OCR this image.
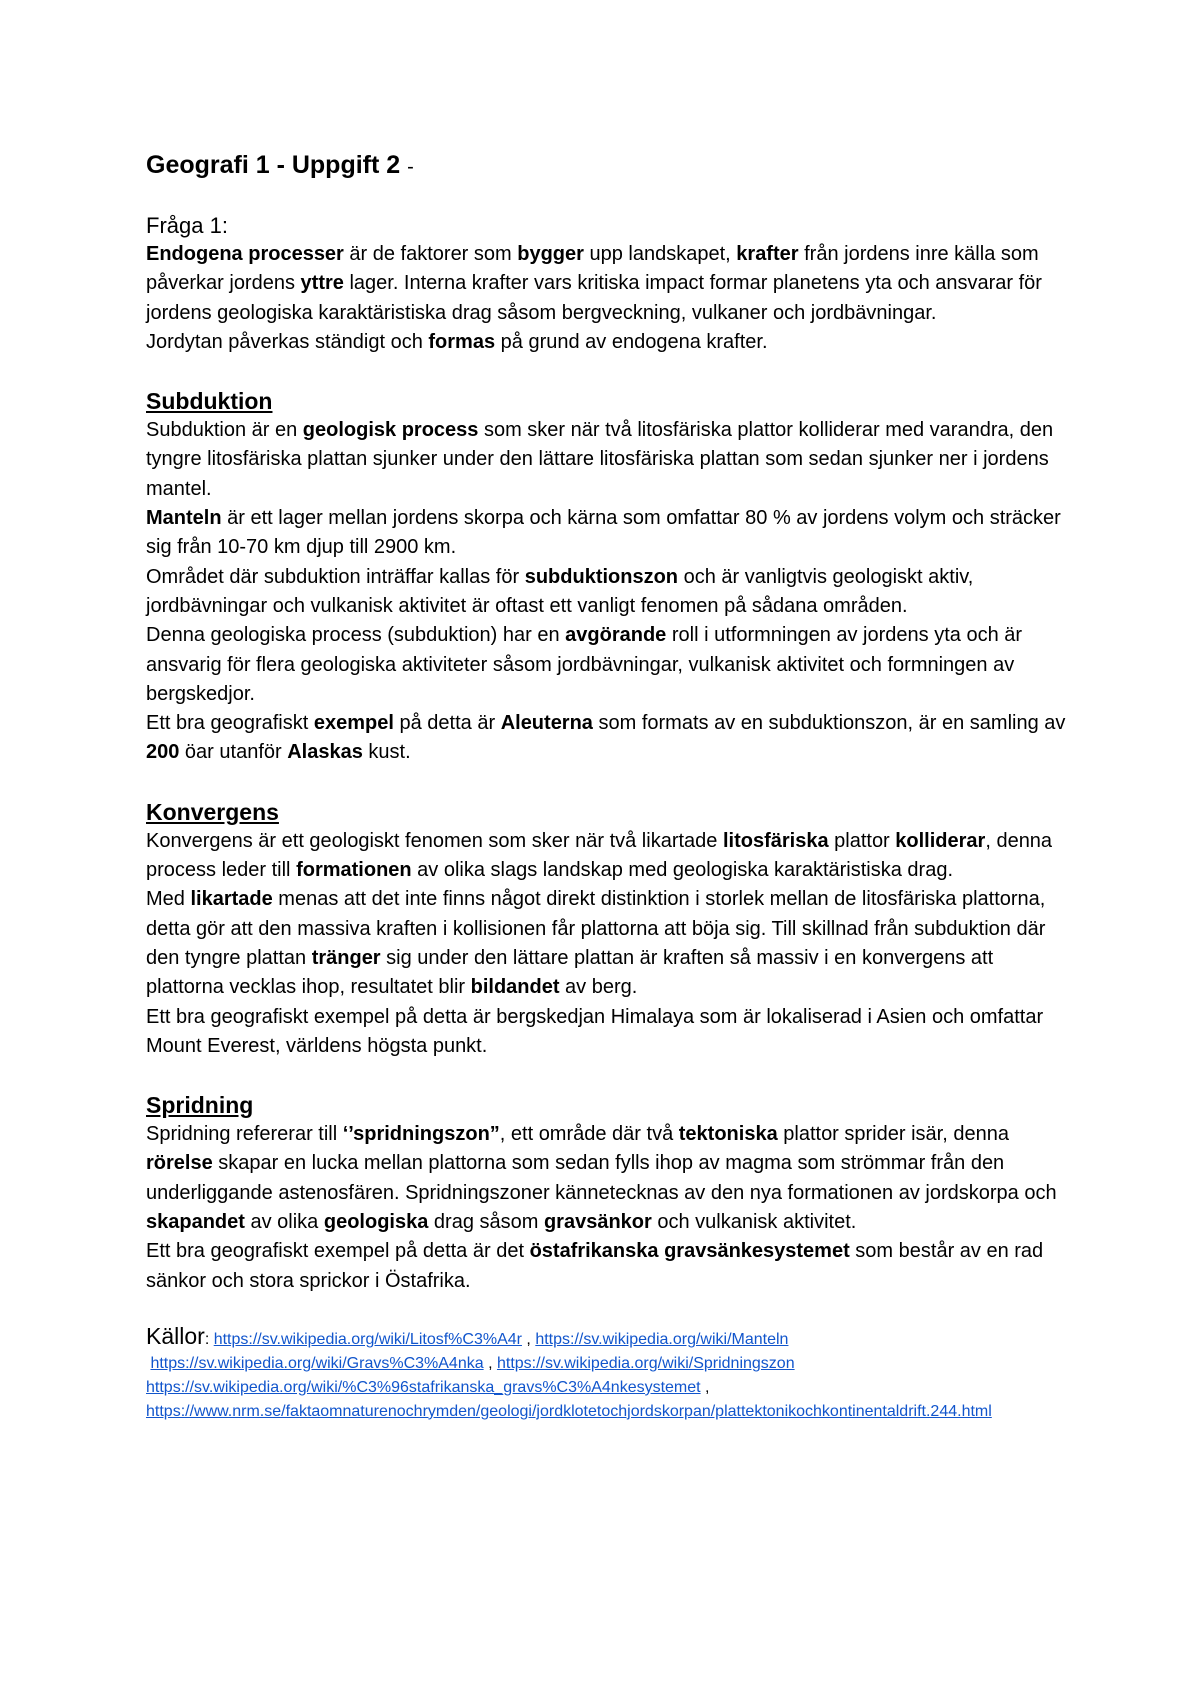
Geografi 1 - Uppgift 2 -
Fråga 1:

Endogena processer är de faktorer som bygger upp landskapet, krafter från jordens inre källa som påverkar jordens yttre lager. Interna krafter vars kritiska impact formar planetens yta och ansvarar för jordens geologiska karaktäristiska drag såsom bergveckning, vulkaner och jordbävningar.

Jordytan påverkas ständigt och formas på grund av endogena krafter.

Subduktion

Subduktion är en geologisk process som sker när två litosfäriska plattor kolliderar med varandra, den tyngre litosfäriska plattan sjunker under den lättare litosfäriska plattan som sedan sjunker ner i jordens mantel.

Manteln är ett lager mellan jordens skorpa och kärna som omfattar 80 % av jordens volym och sträcker sig från 10-70 km djup till 2900 km.

Området där subduktion inträffar kallas för subduktionszon och är vanligtvis geologiskt aktiv, jordbävningar och vulkanisk aktivitet är oftast ett vanligt fenomen på sådana områden.

Denna geologiska process (subduktion) har en avgörande roll i utformningen av jordens yta och är ansvarig för flera geologiska aktiviteter såsom jordbävningar, vulkanisk aktivitet och formningen av bergskedjor.

Ett bra geografiskt exempel på detta är Aleuterna som formats av en subduktionszon, är en samling av 200 öar utanför Alaskas kust.

Konvergens

Konvergens är ett geologiskt fenomen som sker när två likartade litosfäriska plattor kolliderar, denna process leder till formationen av olika slags landskap med geologiska karaktäristiska drag.

Med likartade menas att det inte finns något direkt distinktion i storlek mellan de litosfäriska plattorna, detta gör att den massiva kraften i kollisionen får plattorna att böja sig. Till skillnad från subduktion där den tyngre plattan tränger sig under den lättare plattan är kraften så massiv i en konvergens att plattorna vecklas ihop, resultatet blir bildandet av berg.

Ett bra geografiskt exempel på detta är bergskedjan Himalaya som är lokaliserad i Asien och omfattar Mount Everest, världens högsta punkt.

Spridning

Spridning refererar till ‘’spridningszon”, ett område där två tektoniska plattor sprider isär, denna rörelse skapar en lucka mellan plattorna som sedan fylls ihop av magma som strömmar från den underliggande astenosfären. Spridningszoner kännetecknas av den nya formationen av jordskorpa och skapandet av olika geologiska drag såsom gravsänkor och vulkanisk aktivitet.

Ett bra geografiskt exempel på detta är det östafrikanska gravsänkesystemet som består av en rad sänkor och stora sprickor i Östafrika.

Källor: https://sv.wikipedia.org/wiki/Litosf%C3%A4r , https://sv.wikipedia.org/wiki/Manteln
https://sv.wikipedia.org/wiki/Gravs%C3%A4nka , https://sv.wikipedia.org/wiki/Spridningszon
https://sv.wikipedia.org/wiki/%C3%96stafrikanska_gravs%C3%A4nkesystemet ,
https://www.nrm.se/faktaomnaturenochrymden/geologi/jordklotetochjordskorpan/plattektonikochkontinentaldrift.244.html
